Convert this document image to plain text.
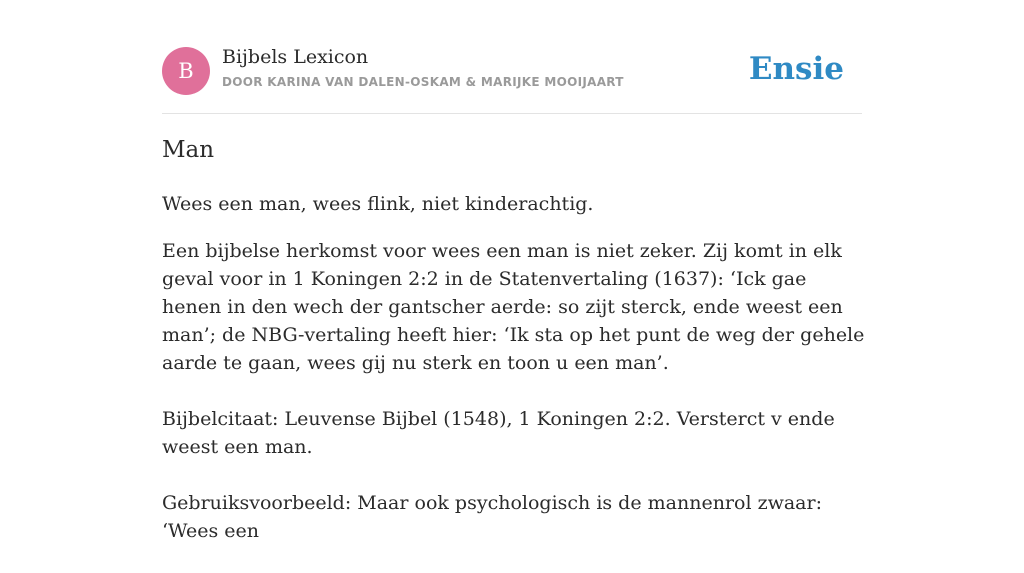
B
Bijbels Lexicon
DOOR KARINA VAN DALEN-OSKAM & MARIJKE MOOIJAART	Ensie
Man

Wees een man, wees flink, niet kinderachtig.

Een bijbelse herkomst voor wees een man is niet zeker. Zij komt in elk geval voor in 1 Koningen 2:2 in de Statenvertaling (1637): ‘Ick gae henen in den wech der gantscher aerde: so zijt sterck, ende weest een man’; de NBG-vertaling heeft hier: ‘Ik sta op het punt de weg der gehele aarde te gaan, wees gij nu sterk en toon u een man’.

Bijbelcitaat: Leuvense Bijbel (1548), 1 Koningen 2:2. Versterct v ende weest een man.

Gebruiksvoorbeeld: Maar ook psychologisch is de mannenrol zwaar: ‘Wees een
